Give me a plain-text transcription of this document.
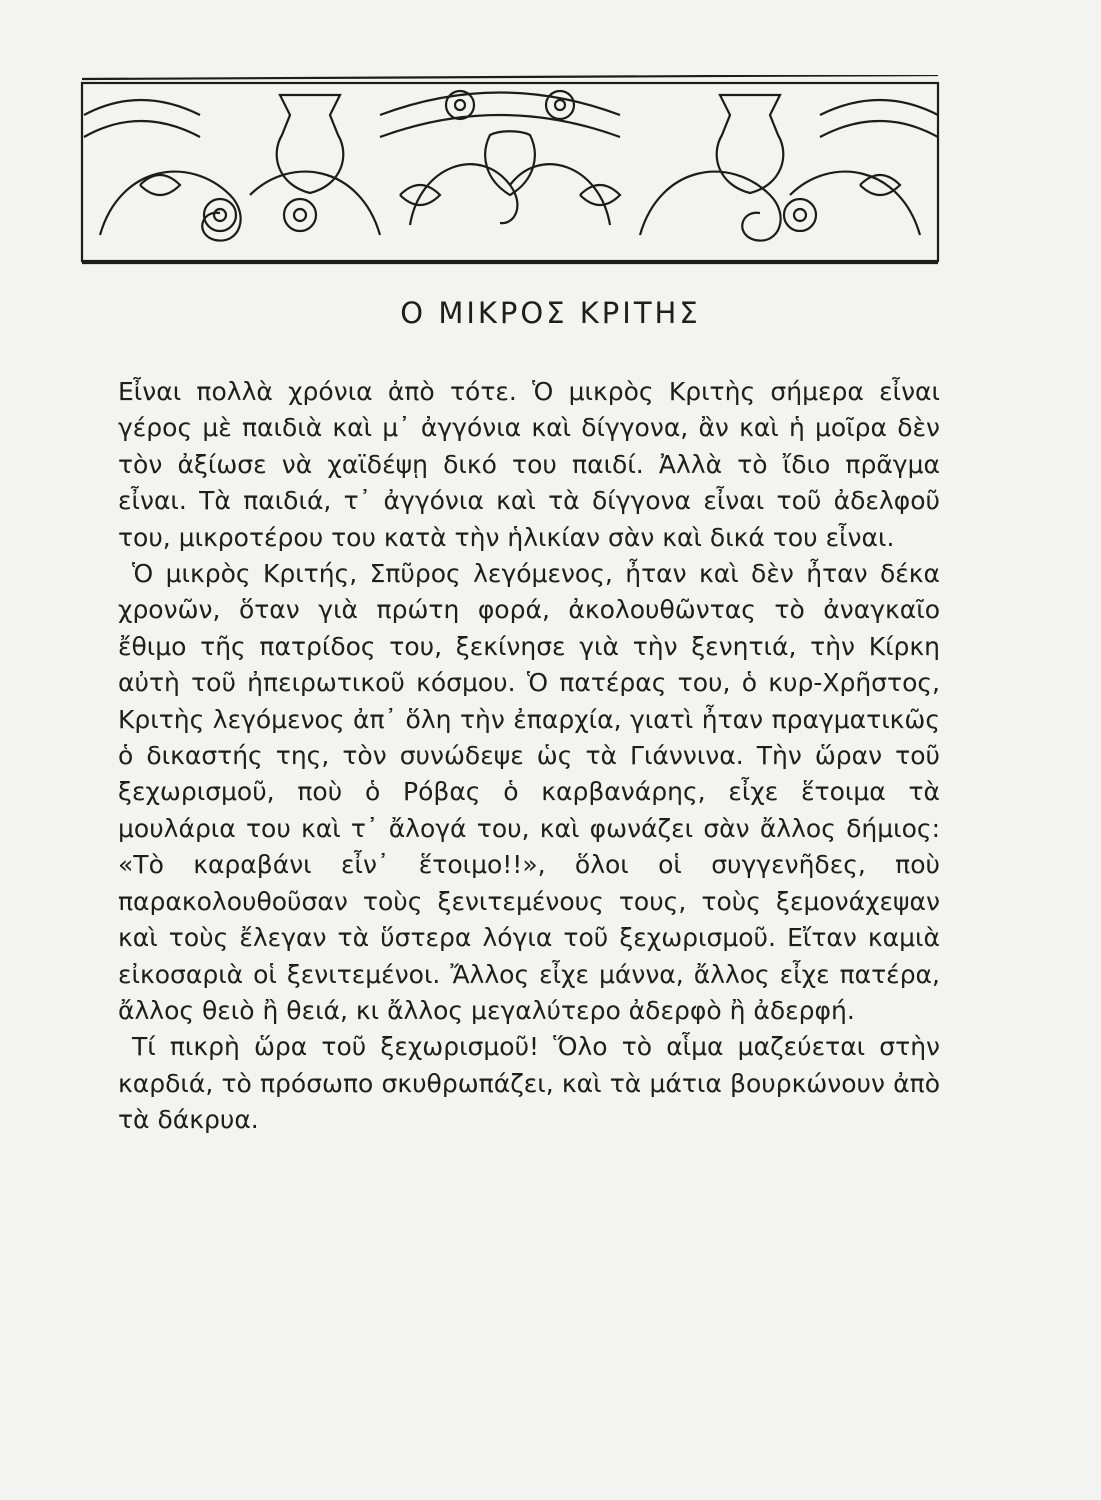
Ο ΜΙΚΡΟΣ ΚΡΙΤΗΣ

Εἶναι πολλὰ χρόνια ἀπὸ τότε. Ὁ μικρὸς Κριτὴς σήμερα εἶναι γέρος μὲ παιδιὰ καὶ μ᾽ ἀγγόνια καὶ δίγγονα, ἂν καὶ ἡ μοῖρα δὲν τὸν ἀξίωσε νὰ χαϊδέψῃ δικό του παιδί. Ἀλλὰ τὸ ἴδιο πρᾶγμα εἶναι. Τὰ παιδιά, τ᾽ ἀγγόνια καὶ τὰ δίγγονα εἶναι τοῦ ἀδελφοῦ του, μικροτέρου του κατὰ τὴν ἡλικίαν σὰν καὶ δικά του εἶναι.

Ὁ μικρὸς Κριτής, Σπῦρος λεγόμενος, ἦταν καὶ δὲν ἦταν δέκα χρονῶν, ὅταν γιὰ πρώτη φορά, ἀκολουθῶντας τὸ ἀναγκαῖο ἔθιμο τῆς πατρίδος του, ξεκίνησε γιὰ τὴν ξενητιά, τὴν Κίρκη αὐτὴ τοῦ ἠπειρωτικοῦ κόσμου. Ὁ πατέρας του, ὁ κυρ-Χρῆστος, Κριτὴς λεγόμενος ἀπ᾽ ὅλη τὴν ἐπαρχία, γιατὶ ἦταν πραγματικῶς ὁ δικαστής της, τὸν συνώδεψε ὡς τὰ Γιάννινα. Τὴν ὥραν τοῦ ξεχωρισμοῦ, ποὺ ὁ Ρόβας ὁ καρβανάρης, εἶχε ἕτοιμα τὰ μουλάρια του καὶ τ᾽ ἄλογά του, καὶ φωνάζει σὰν ἄλλος δήμιος: «Τὸ καραβάνι εἶν᾽ ἕτοιμο!!», ὅλοι οἱ συγγενῆδες, ποὺ παρακολουθοῦσαν τοὺς ξενιτεμένους τους, τοὺς ξεμονάχεψαν καὶ τοὺς ἔλεγαν τὰ ὕστερα λόγια τοῦ ξεχωρισμοῦ. Εἴταν καμιὰ εἰκοσαριὰ οἱ ξενιτεμένοι. Ἄλλος εἶχε μάννα, ἄλλος εἶχε πατέρα, ἄλλος θειὸ ἢ θειά, κι ἄλλος μεγαλύτερο ἀδερφὸ ἢ ἀδερφή.

Τί πικρὴ ὥρα τοῦ ξεχωρισμοῦ! Ὅλο τὸ αἷμα μαζεύεται στὴν καρδιά, τὸ πρόσωπο σκυθρωπάζει, καὶ τὰ μάτια βουρκώνουν ἀπὸ τὰ δάκρυα.
